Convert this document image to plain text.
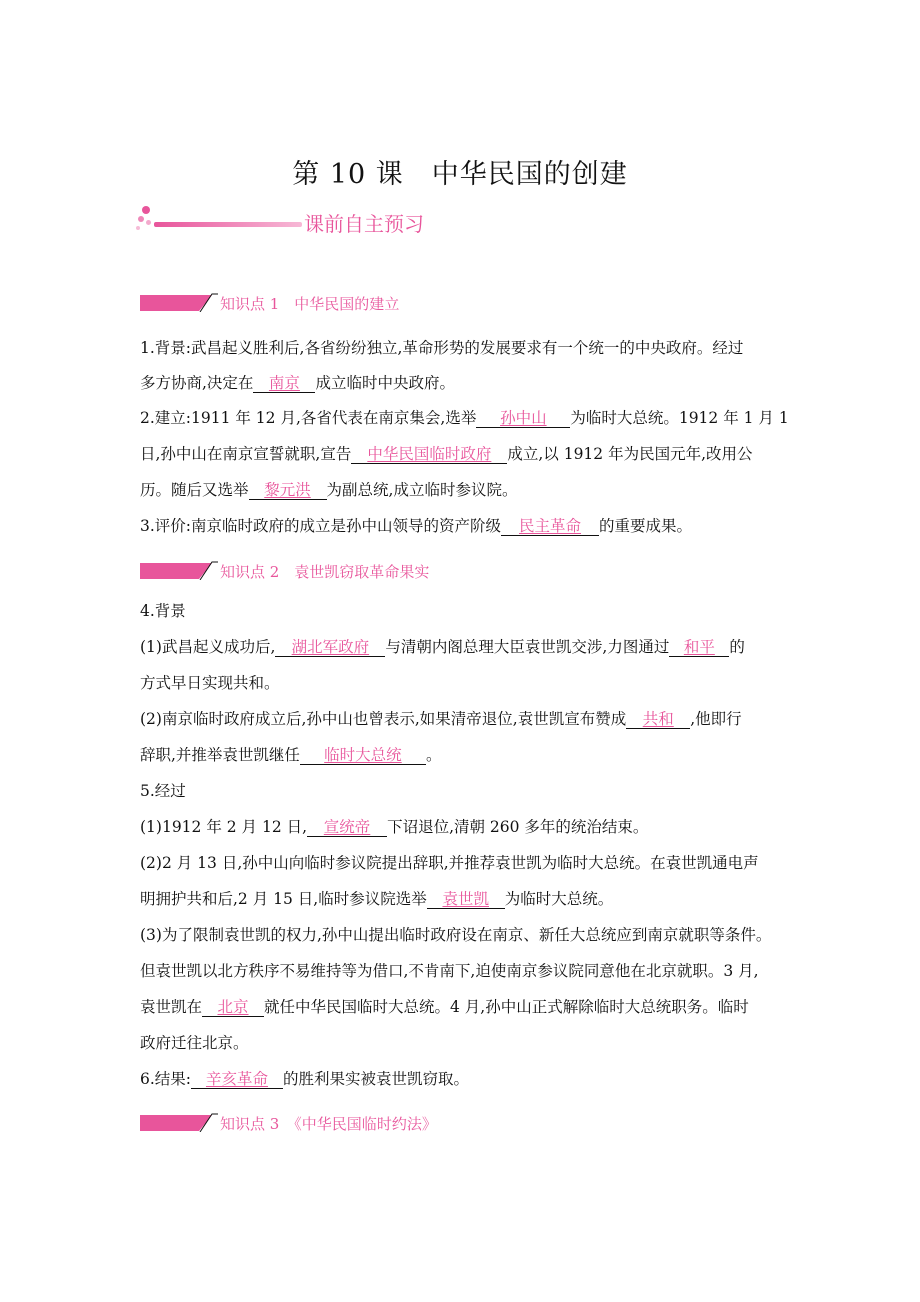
第 10 课　中华民国的创建
课前自主预习
知识点 1　中华民国的建立
1.背景:武昌起义胜利后,各省纷纷独立,革命形势的发展要求有一个统一的中央政府。经过
多方协商,决定在 南京 成立临时中央政府。
2.建立:1911 年 12 月,各省代表在南京集会,选举 孙中山 为临时大总统。1912 年 1 月 1
日,孙中山在南京宣誓就职,宣告 中华民国临时政府 成立,以 1912 年为民国元年,改用公
历。随后又选举 黎元洪 为副总统,成立临时参议院。
3.评价:南京临时政府的成立是孙中山领导的资产阶级 民主革命 的重要成果。
知识点 2　袁世凯窃取革命果实
4.背景
(1)武昌起义成功后, 湖北军政府 与清朝内阁总理大臣袁世凯交涉,力图通过 和平 的
方式早日实现共和。
(2)南京临时政府成立后,孙中山也曾表示,如果清帝退位,袁世凯宣布赞成 共和 ,他即行
辞职,并推举袁世凯继任 临时大总统 。
5.经过
(1)1912 年 2 月 12 日, 宣统帝 下诏退位,清朝 260 多年的统治结束。
(2)2 月 13 日,孙中山向临时参议院提出辞职,并推荐袁世凯为临时大总统。在袁世凯通电声
明拥护共和后,2 月 15 日,临时参议院选举 袁世凯 为临时大总统。
(3)为了限制袁世凯的权力,孙中山提出临时政府设在南京、新任大总统应到南京就职等条件。
但袁世凯以北方秩序不易维持等为借口,不肯南下,迫使南京参议院同意他在北京就职。3 月,
袁世凯在 北京 就任中华民国临时大总统。4 月,孙中山正式解除临时大总统职务。临时
政府迁往北京。
6.结果: 辛亥革命 的胜利果实被袁世凯窃取。
知识点 3　《中华民国临时约法》
